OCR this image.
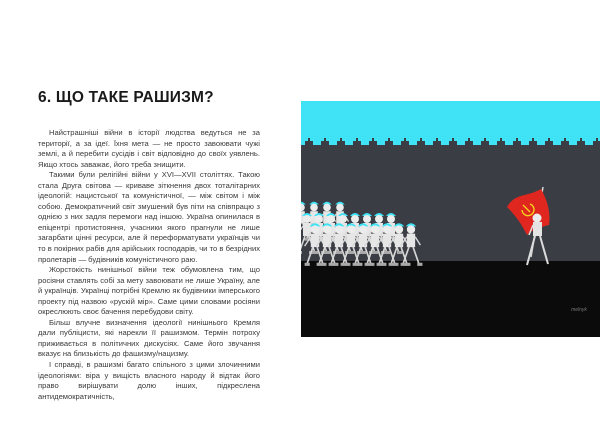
6. ЩО ТАКЕ РАШИЗМ?

Найстрашніші війни в історії людства ведуться не за території, а за ідеї. Їхня мета — не просто завоювати чужі землі, а й перебити сусідів і світ відповідно до своїх уявлень. Якщо хтось заважає, його треба знищити.

Такими були релігійні війни у XVI—XVII століттях. Такою стала Друга світова — криваве зіткнення двох тоталітарних ідеологій: нацистської та комуністичної, — між світом і між собою. Демократичний світ змушений був піти на співпрацю з однією з них задля перемоги над іншою. Україна опинилася в епіцентрі протистояння, учасники якого прагнули не лише загарбати цінні ресурси, але й переформатувати українців чи то в покірних рабів для арійських господарів, чи то в безрідних пролетарів — будівників комуністичного раю.

Жорстокість нинішньої війни теж обумовлена тим, що росіяни ставлять собі за мету завоювати не лише Україну, але й українців. Українці потрібні Кремлю як будівники імперського проекту під назвою «рускій мір». Саме цими словами росіяни окреслюють своє бачення перебудови світу.

Більш влучне визначення ідеології нинішнього Кремля дали публіцисти, які нарекли її рашизмом. Термін потроху приживається в політичних дискусіях. Саме його звучання вказує на близькість до фашизму/нацизму.

І справді, в рашизмі багато спільного з цими злочинними ідеологіями: віра у вищість власного народу й відтак його право вирішувати долю інших, підкреслена антидемократичність,

melnyk
